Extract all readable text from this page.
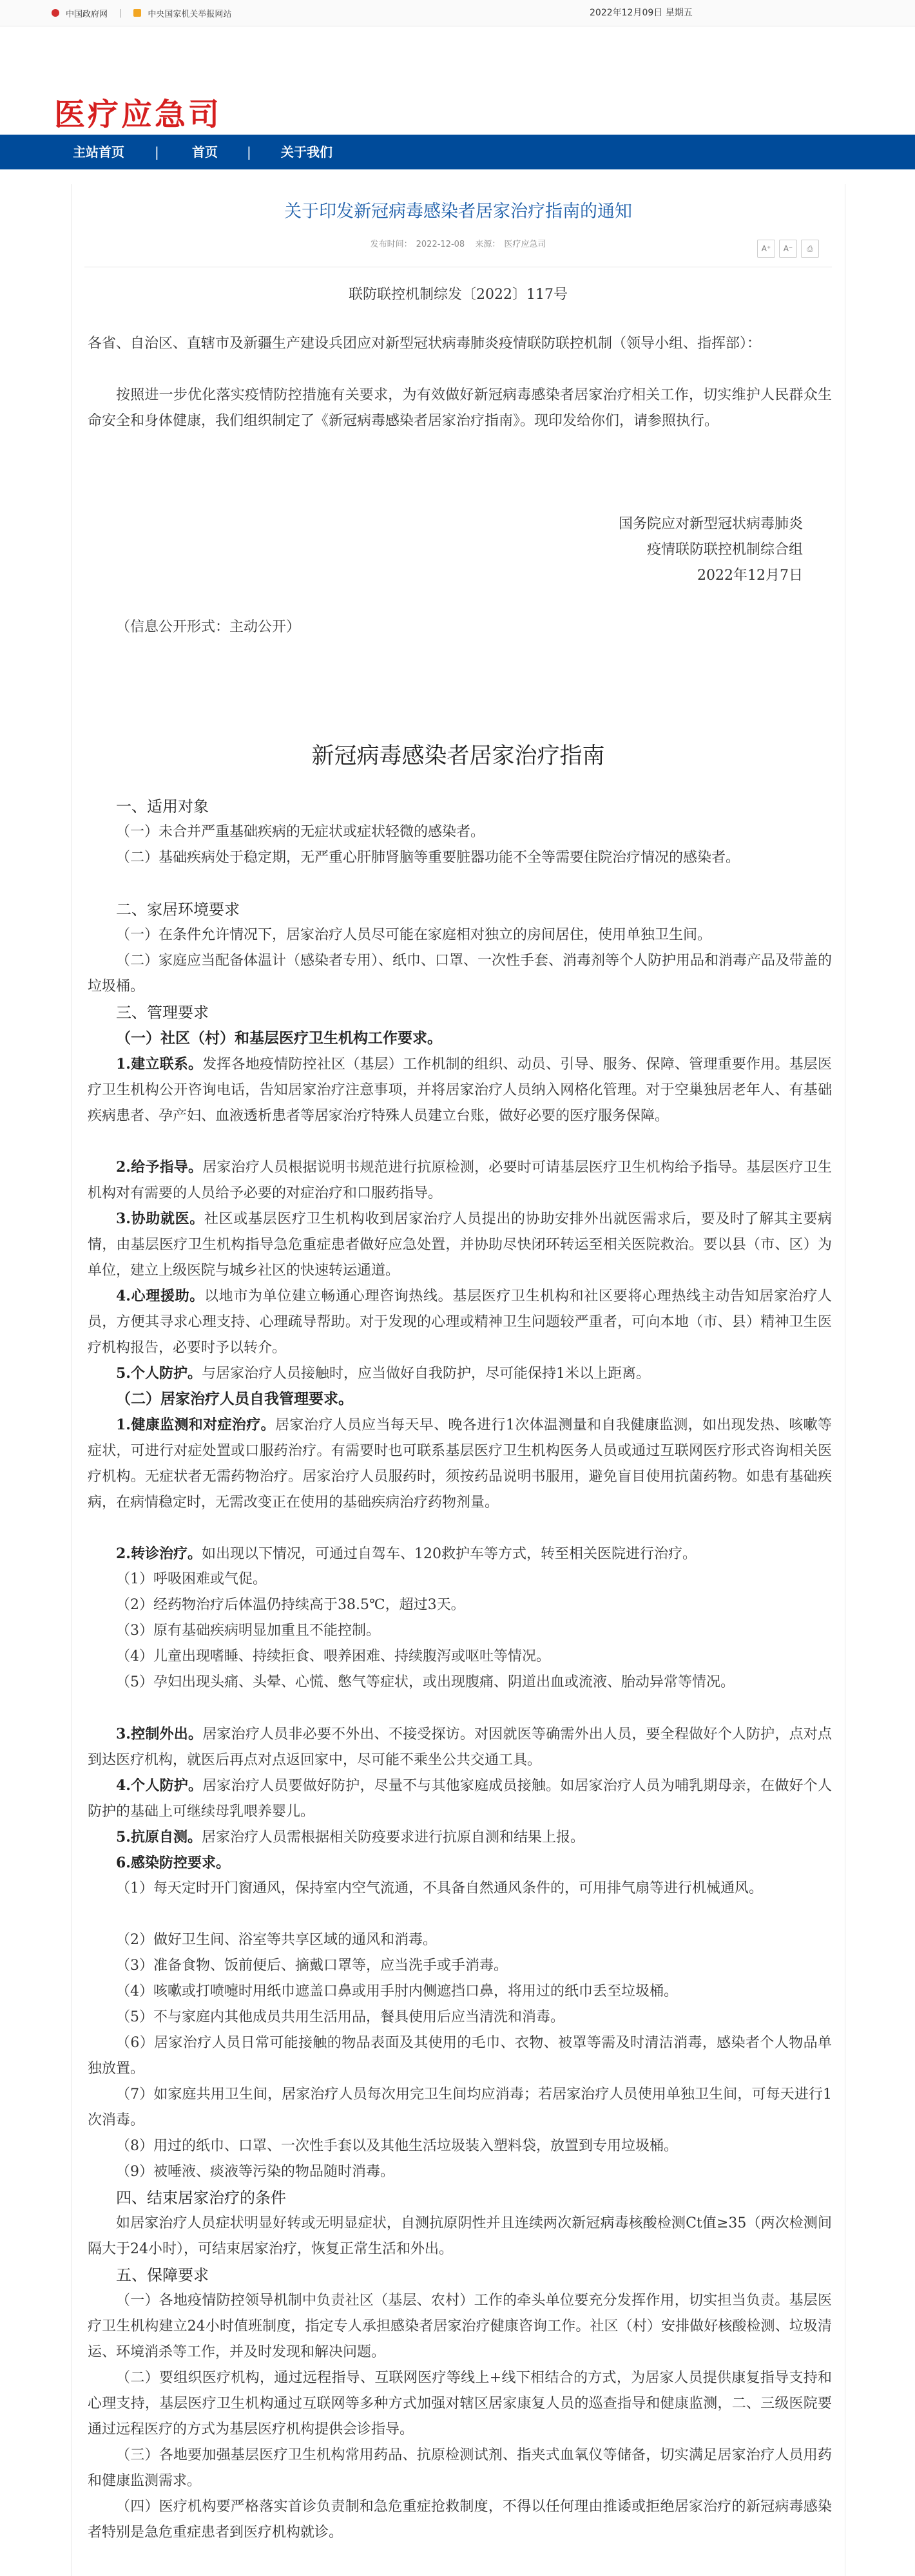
中国政府网 |	中央国家机关举报网站	2022年12月09日 星期五
医疗应急司
主站首页 |	首页 | 关于我们
关于印发新冠病毒感染者居家治疗指南的通知
发布时间： 2022-12-08 来源： 医疗应急司	A⁺	A⁻	⎙

联防联控机制综发〔2022〕117号

各省、自治区、直辖市及新疆生产建设兵团应对新型冠状病毒肺炎疫情联防联控机制（领导小组、指挥部）：

按照进一步优化落实疫情防控措施有关要求，为有效做好新冠病毒感染者居家治疗相关工作，切实维护人民群众生命安全和身体健康，我们组织制定了《新冠病毒感染者居家治疗指南》。现印发给你们，请参照执行。

国务院应对新型冠状病毒肺炎

疫情联防联控机制综合组

2022年12月7日

（信息公开形式：主动公开）

新冠病毒感染者居家治疗指南
一、适用对象

（一）未合并严重基础疾病的无症状或症状轻微的感染者。

（二）基础疾病处于稳定期，无严重心肝肺肾脑等重要脏器功能不全等需要住院治疗情况的感染者。

二、家居环境要求

（一）在条件允许情况下，居家治疗人员尽可能在家庭相对独立的房间居住，使用单独卫生间。

（二）家庭应当配备体温计（感染者专用）、纸巾、口罩、一次性手套、消毒剂等个人防护用品和消毒产品及带盖的垃圾桶。

三、管理要求
（一）社区（村）和基层医疗卫生机构工作要求。

1.建立联系。发挥各地疫情防控社区（基层）工作机制的组织、动员、引导、服务、保障、管理重要作用。基层医疗卫生机构公开咨询电话，告知居家治疗注意事项，并将居家治疗人员纳入网格化管理。对于空巢独居老年人、有基础疾病患者、孕产妇、血液透析患者等居家治疗特殊人员建立台账，做好必要的医疗服务保障。

2.给予指导。居家治疗人员根据说明书规范进行抗原检测，必要时可请基层医疗卫生机构给予指导。基层医疗卫生机构对有需要的人员给予必要的对症治疗和口服药指导。

3.协助就医。社区或基层医疗卫生机构收到居家治疗人员提出的协助安排外出就医需求后，要及时了解其主要病情，由基层医疗卫生机构指导急危重症患者做好应急处置，并协助尽快闭环转运至相关医院救治。要以县（市、区）为单位，建立上级医院与城乡社区的快速转运通道。

4.心理援助。以地市为单位建立畅通心理咨询热线。基层医疗卫生机构和社区要将心理热线主动告知居家治疗人员，方便其寻求心理支持、心理疏导帮助。对于发现的心理或精神卫生问题较严重者，可向本地（市、县）精神卫生医疗机构报告，必要时予以转介。

5.个人防护。与居家治疗人员接触时，应当做好自我防护，尽可能保持1米以上距离。

（二）居家治疗人员自我管理要求。

1.健康监测和对症治疗。居家治疗人员应当每天早、晚各进行1次体温测量和自我健康监测，如出现发热、咳嗽等症状，可进行对症处置或口服药治疗。有需要时也可联系基层医疗卫生机构医务人员或通过互联网医疗形式咨询相关医疗机构。无症状者无需药物治疗。居家治疗人员服药时，须按药品说明书服用，避免盲目使用抗菌药物。如患有基础疾病，在病情稳定时，无需改变正在使用的基础疾病治疗药物剂量。

2.转诊治疗。如出现以下情况，可通过自驾车、120救护车等方式，转至相关医院进行治疗。

（1）呼吸困难或气促。

（2）经药物治疗后体温仍持续高于38.5℃，超过3天。

（3）原有基础疾病明显加重且不能控制。

（4）儿童出现嗜睡、持续拒食、喂养困难、持续腹泻或呕吐等情况。

（5）孕妇出现头痛、头晕、心慌、憋气等症状，或出现腹痛、阴道出血或流液、胎动异常等情况。

3.控制外出。居家治疗人员非必要不外出、不接受探访。对因就医等确需外出人员，要全程做好个人防护，点对点到达医疗机构，就医后再点对点返回家中，尽可能不乘坐公共交通工具。

4.个人防护。居家治疗人员要做好防护，尽量不与其他家庭成员接触。如居家治疗人员为哺乳期母亲，在做好个人防护的基础上可继续母乳喂养婴儿。

5.抗原自测。居家治疗人员需根据相关防疫要求进行抗原自测和结果上报。

6.感染防控要求。

（1）每天定时开门窗通风，保持室内空气流通，不具备自然通风条件的，可用排气扇等进行机械通风。

（2）做好卫生间、浴室等共享区域的通风和消毒。

（3）准备食物、饭前便后、摘戴口罩等，应当洗手或手消毒。

（4）咳嗽或打喷嚏时用纸巾遮盖口鼻或用手肘内侧遮挡口鼻，将用过的纸巾丢至垃圾桶。

（5）不与家庭内其他成员共用生活用品，餐具使用后应当清洗和消毒。

（6）居家治疗人员日常可能接触的物品表面及其使用的毛巾、衣物、被罩等需及时清洁消毒，感染者个人物品单独放置。

（7）如家庭共用卫生间，居家治疗人员每次用完卫生间均应消毒；若居家治疗人员使用单独卫生间，可每天进行1次消毒。

（8）用过的纸巾、口罩、一次性手套以及其他生活垃圾装入塑料袋，放置到专用垃圾桶。

（9）被唾液、痰液等污染的物品随时消毒。

四、结束居家治疗的条件

如居家治疗人员症状明显好转或无明显症状，自测抗原阴性并且连续两次新冠病毒核酸检测Ct值≥35（两次检测间隔大于24小时），可结束居家治疗，恢复正常生活和外出。

五、保障要求

（一）各地疫情防控领导机制中负责社区（基层、农村）工作的牵头单位要充分发挥作用，切实担当负责。基层医疗卫生机构建立24小时值班制度，指定专人承担感染者居家治疗健康咨询工作。社区（村）安排做好核酸检测、垃圾清运、环境消杀等工作，并及时发现和解决问题。

（二）要组织医疗机构，通过远程指导、互联网医疗等线上+线下相结合的方式，为居家人员提供康复指导支持和心理支持，基层医疗卫生机构通过互联网等多种方式加强对辖区居家康复人员的巡查指导和健康监测，二、三级医院要通过远程医疗的方式为基层医疗机构提供会诊指导。

（三）各地要加强基层医疗卫生机构常用药品、抗原检测试剂、指夹式血氧仪等储备，切实满足居家治疗人员用药和健康监测需求。

（四）医疗机构要严格落实首诊负责制和急危重症抢救制度，不得以任何理由推诿或拒绝居家治疗的新冠病毒感染者特别是急危重症患者到医疗机构就诊。
